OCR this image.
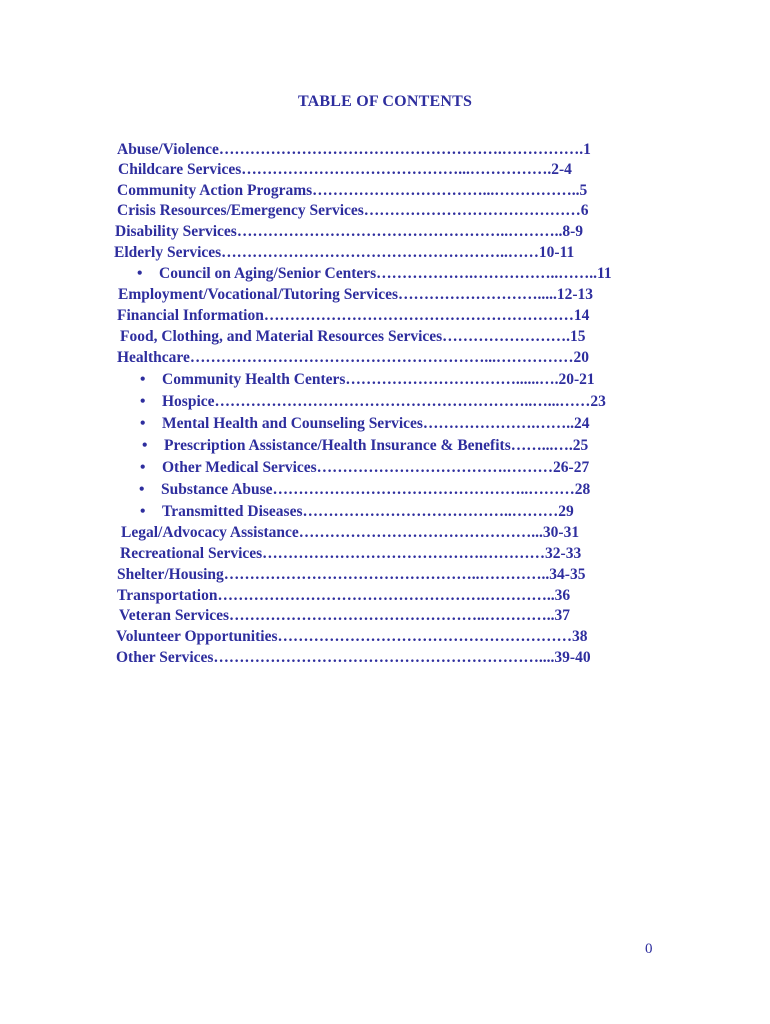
TABLE OF CONTENTS
Abuse/Violence……………………………………………….…………….1
Childcare Services……………………………………...…………….2-4
Community Action Programs……………………………...……………..5
Crisis Resources/Emergency Services……………………………………6
Disability Services……………………………………………..………..8-9
Elderly Services………………………………………………..……10-11
• Council on Aging/Senior Centers……………….……………..……..11
Employment/Vocational/Tutoring Services……………………….....12-13
Financial Information……………………………………………………14
Food, Clothing, and Material Resources Services…………………….15
Healthcare…………………………………………………...……………20
• Community Health Centers……………………………......….20-21
• Hospice……………………………………………………..…...……23
• Mental Health and Counseling Services………………….……..24
• Prescription Assistance/Health Insurance & Benefits……...….25
• Other Medical Services……………………………….………26-27
• Substance Abuse…………………………………………..………28
• Transmitted Diseases…………………………………..………29
Legal/Advocacy Assistance………………………………………...30-31
Recreational Services…………………………………….…………32-33
Shelter/Housing…………………………………………..…………..34-35
Transportation…………………………………………….…………..36
Veteran Services…………………………………………..…………..37
Volunteer Opportunities…………………………………………………38
Other Services………………………………………………………....39-40
0
